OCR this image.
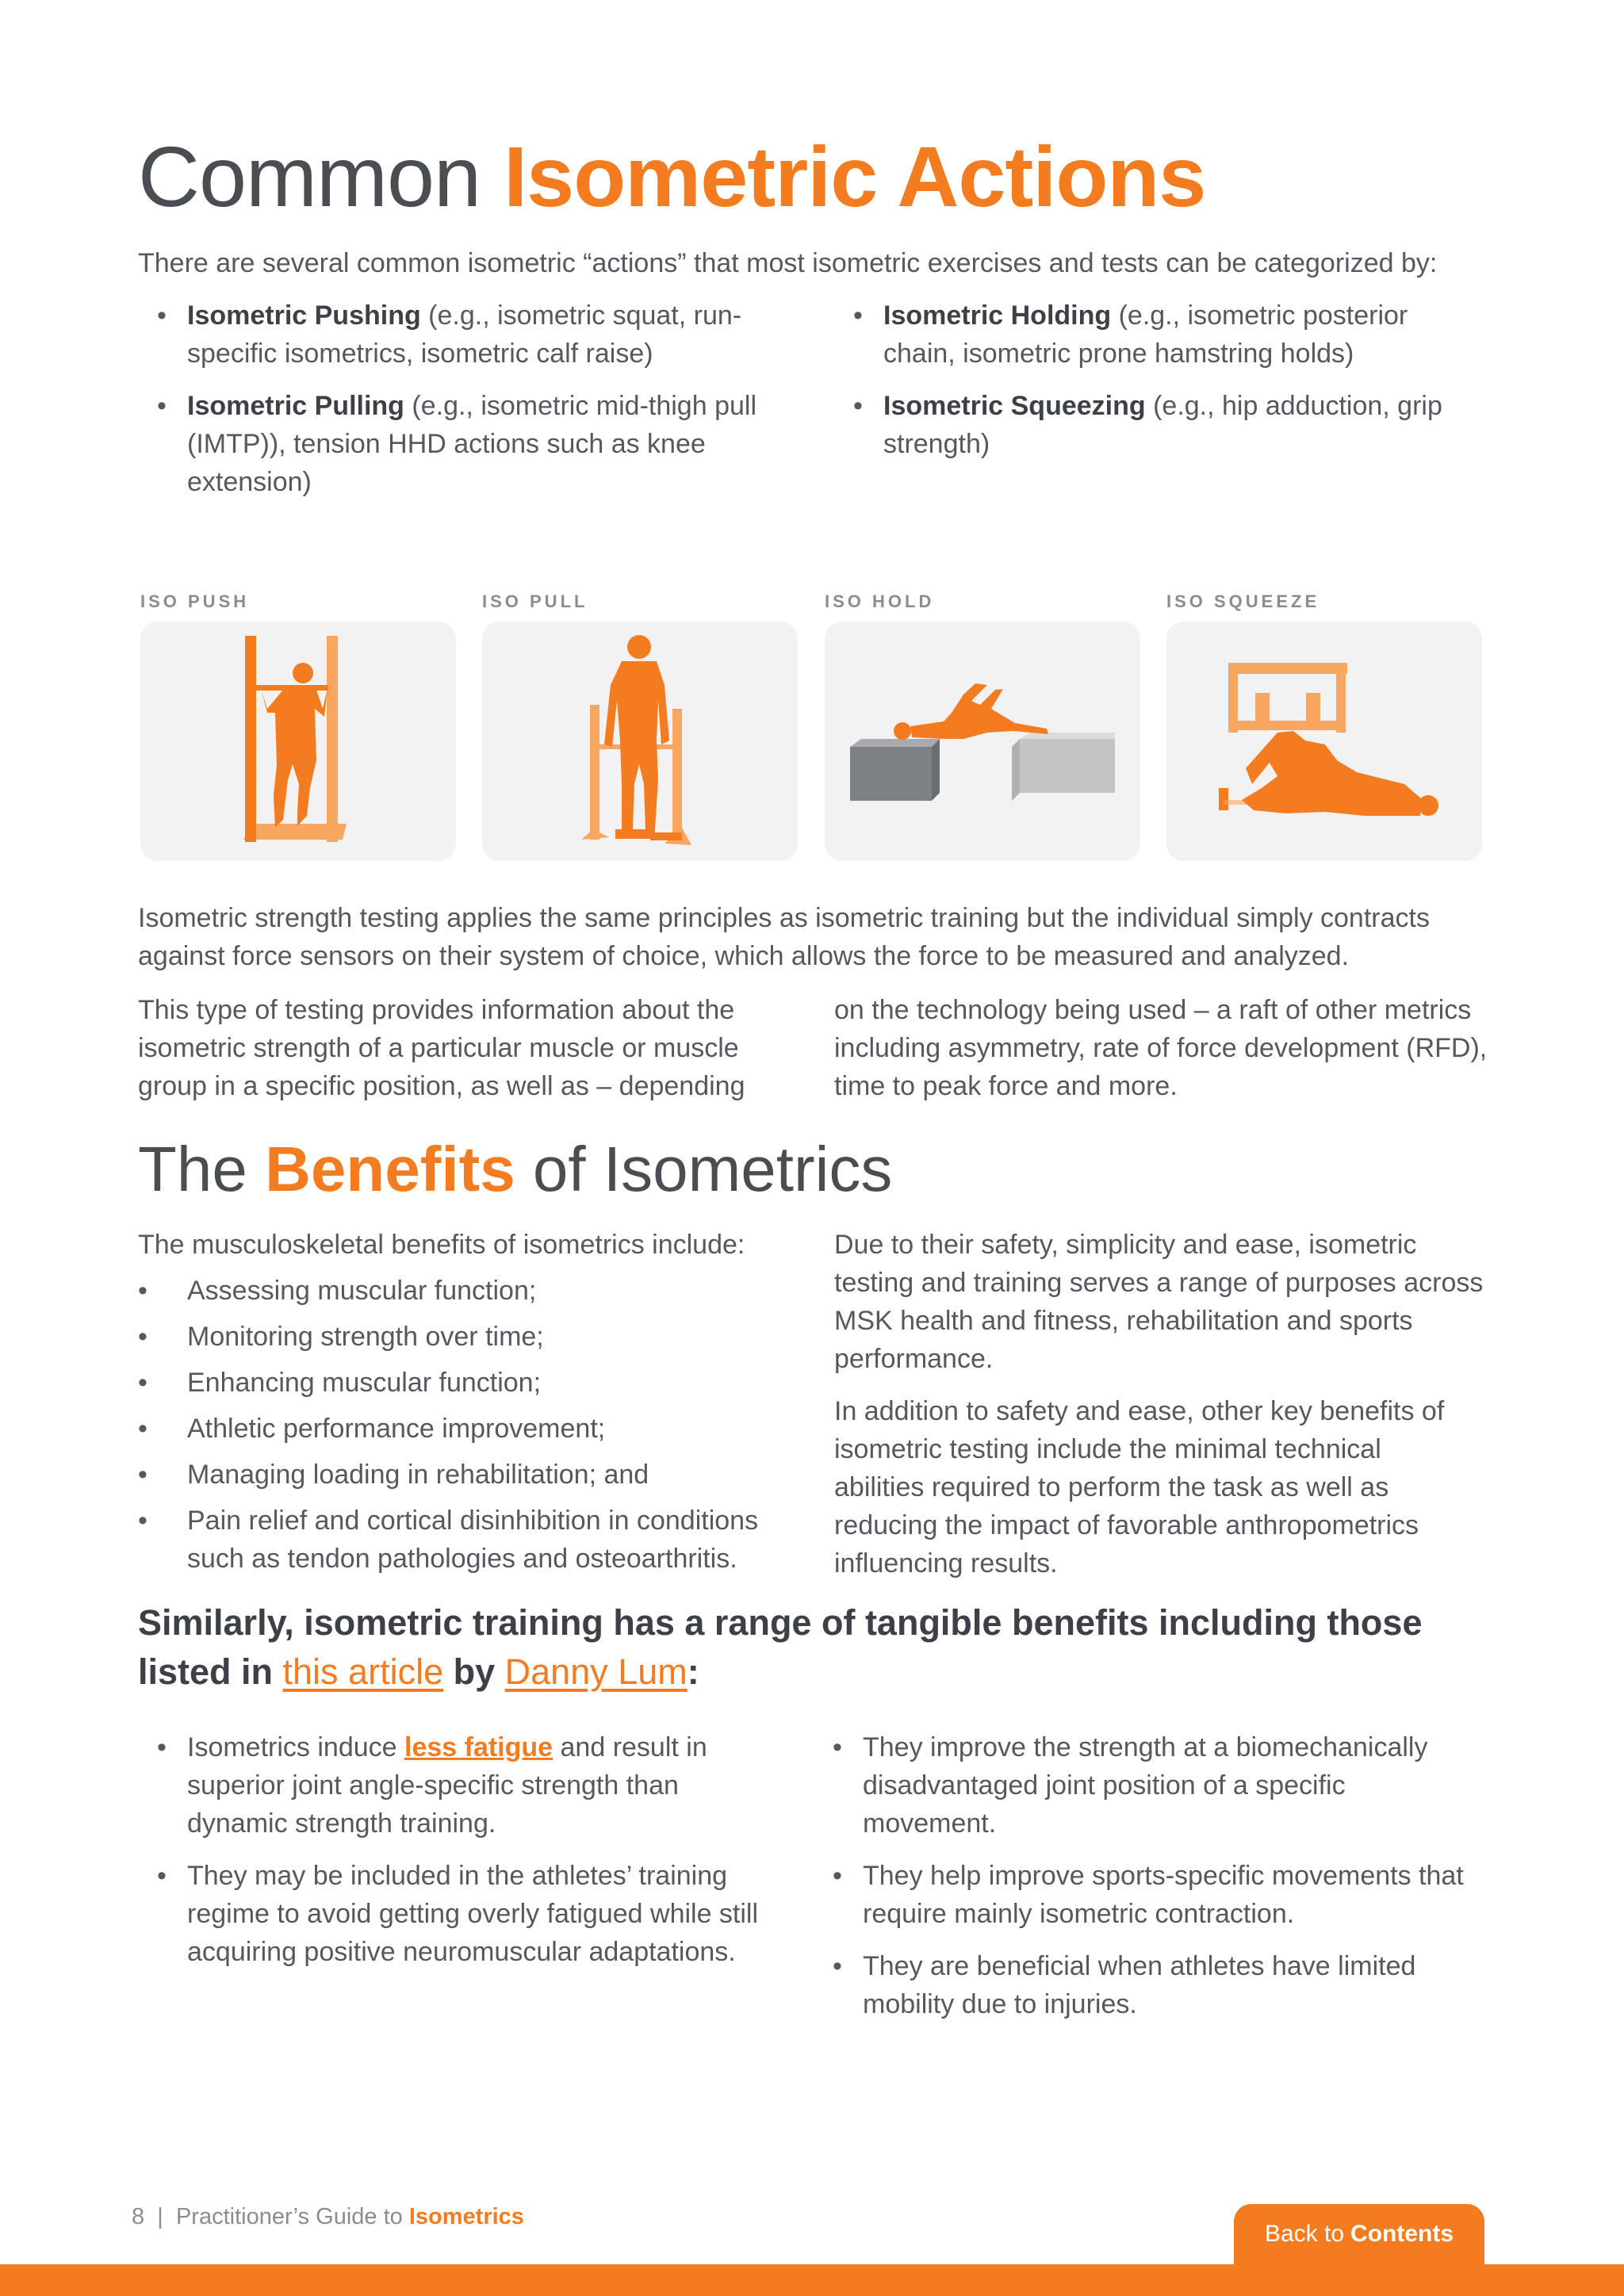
Common Isometric Actions

There are several common isometric “actions” that most isometric exercises and tests can be categorized by:

• Isometric Pushing (e.g., isometric squat, run-specific isometrics, isometric calf raise)
• Isometric Pulling (e.g., isometric mid-thigh pull (IMTP)), tension HHD actions such as knee extension)
• Isometric Holding (e.g., isometric posterior chain, isometric prone hamstring holds)
• Isometric Squeezing (e.g., hip adduction, grip strength)
ISO PUSH	ISO PULL	ISO HOLD	ISO SQUEEZE

Isometric strength testing applies the same principles as isometric training but the individual simply contracts against force sensors on their system of choice, which allows the force to be measured and analyzed.

This type of testing provides information about the isometric strength of a particular muscle or muscle group in a specific position, as well as – depending

on the technology being used – a raft of other metrics including asymmetry, rate of force development (RFD), time to peak force and more.

The Benefits of Isometrics

The musculoskeletal benefits of isometrics include:

• Assessing muscular function;
• Monitoring strength over time;
• Enhancing muscular function;
• Athletic performance improvement;
• Managing loading in rehabilitation; and
• Pain relief and cortical disinhibition in conditions such as tendon pathologies and osteoarthritis.

Due to their safety, simplicity and ease, isometric testing and training serves a range of purposes across MSK health and fitness, rehabilitation and sports performance.

In addition to safety and ease, other key benefits of isometric testing include the minimal technical abilities required to perform the task as well as reducing the impact of favorable anthropometrics influencing results.

Similarly, isometric training has a range of tangible benefits including those listed in this article by Danny Lum:

• Isometrics induce less fatigue and result in superior joint angle-specific strength than dynamic strength training.
• They may be included in the athletes’ training regime to avoid getting overly fatigued while still acquiring positive neuromuscular adaptations.
• They improve the strength at a biomechanically disadvantaged joint position of a specific movement.
• They help improve sports-specific movements that require mainly isometric contraction.
• They are beneficial when athletes have limited mobility due to injuries.
8 | Practitioner’s Guide to Isometrics
Back to Contents
